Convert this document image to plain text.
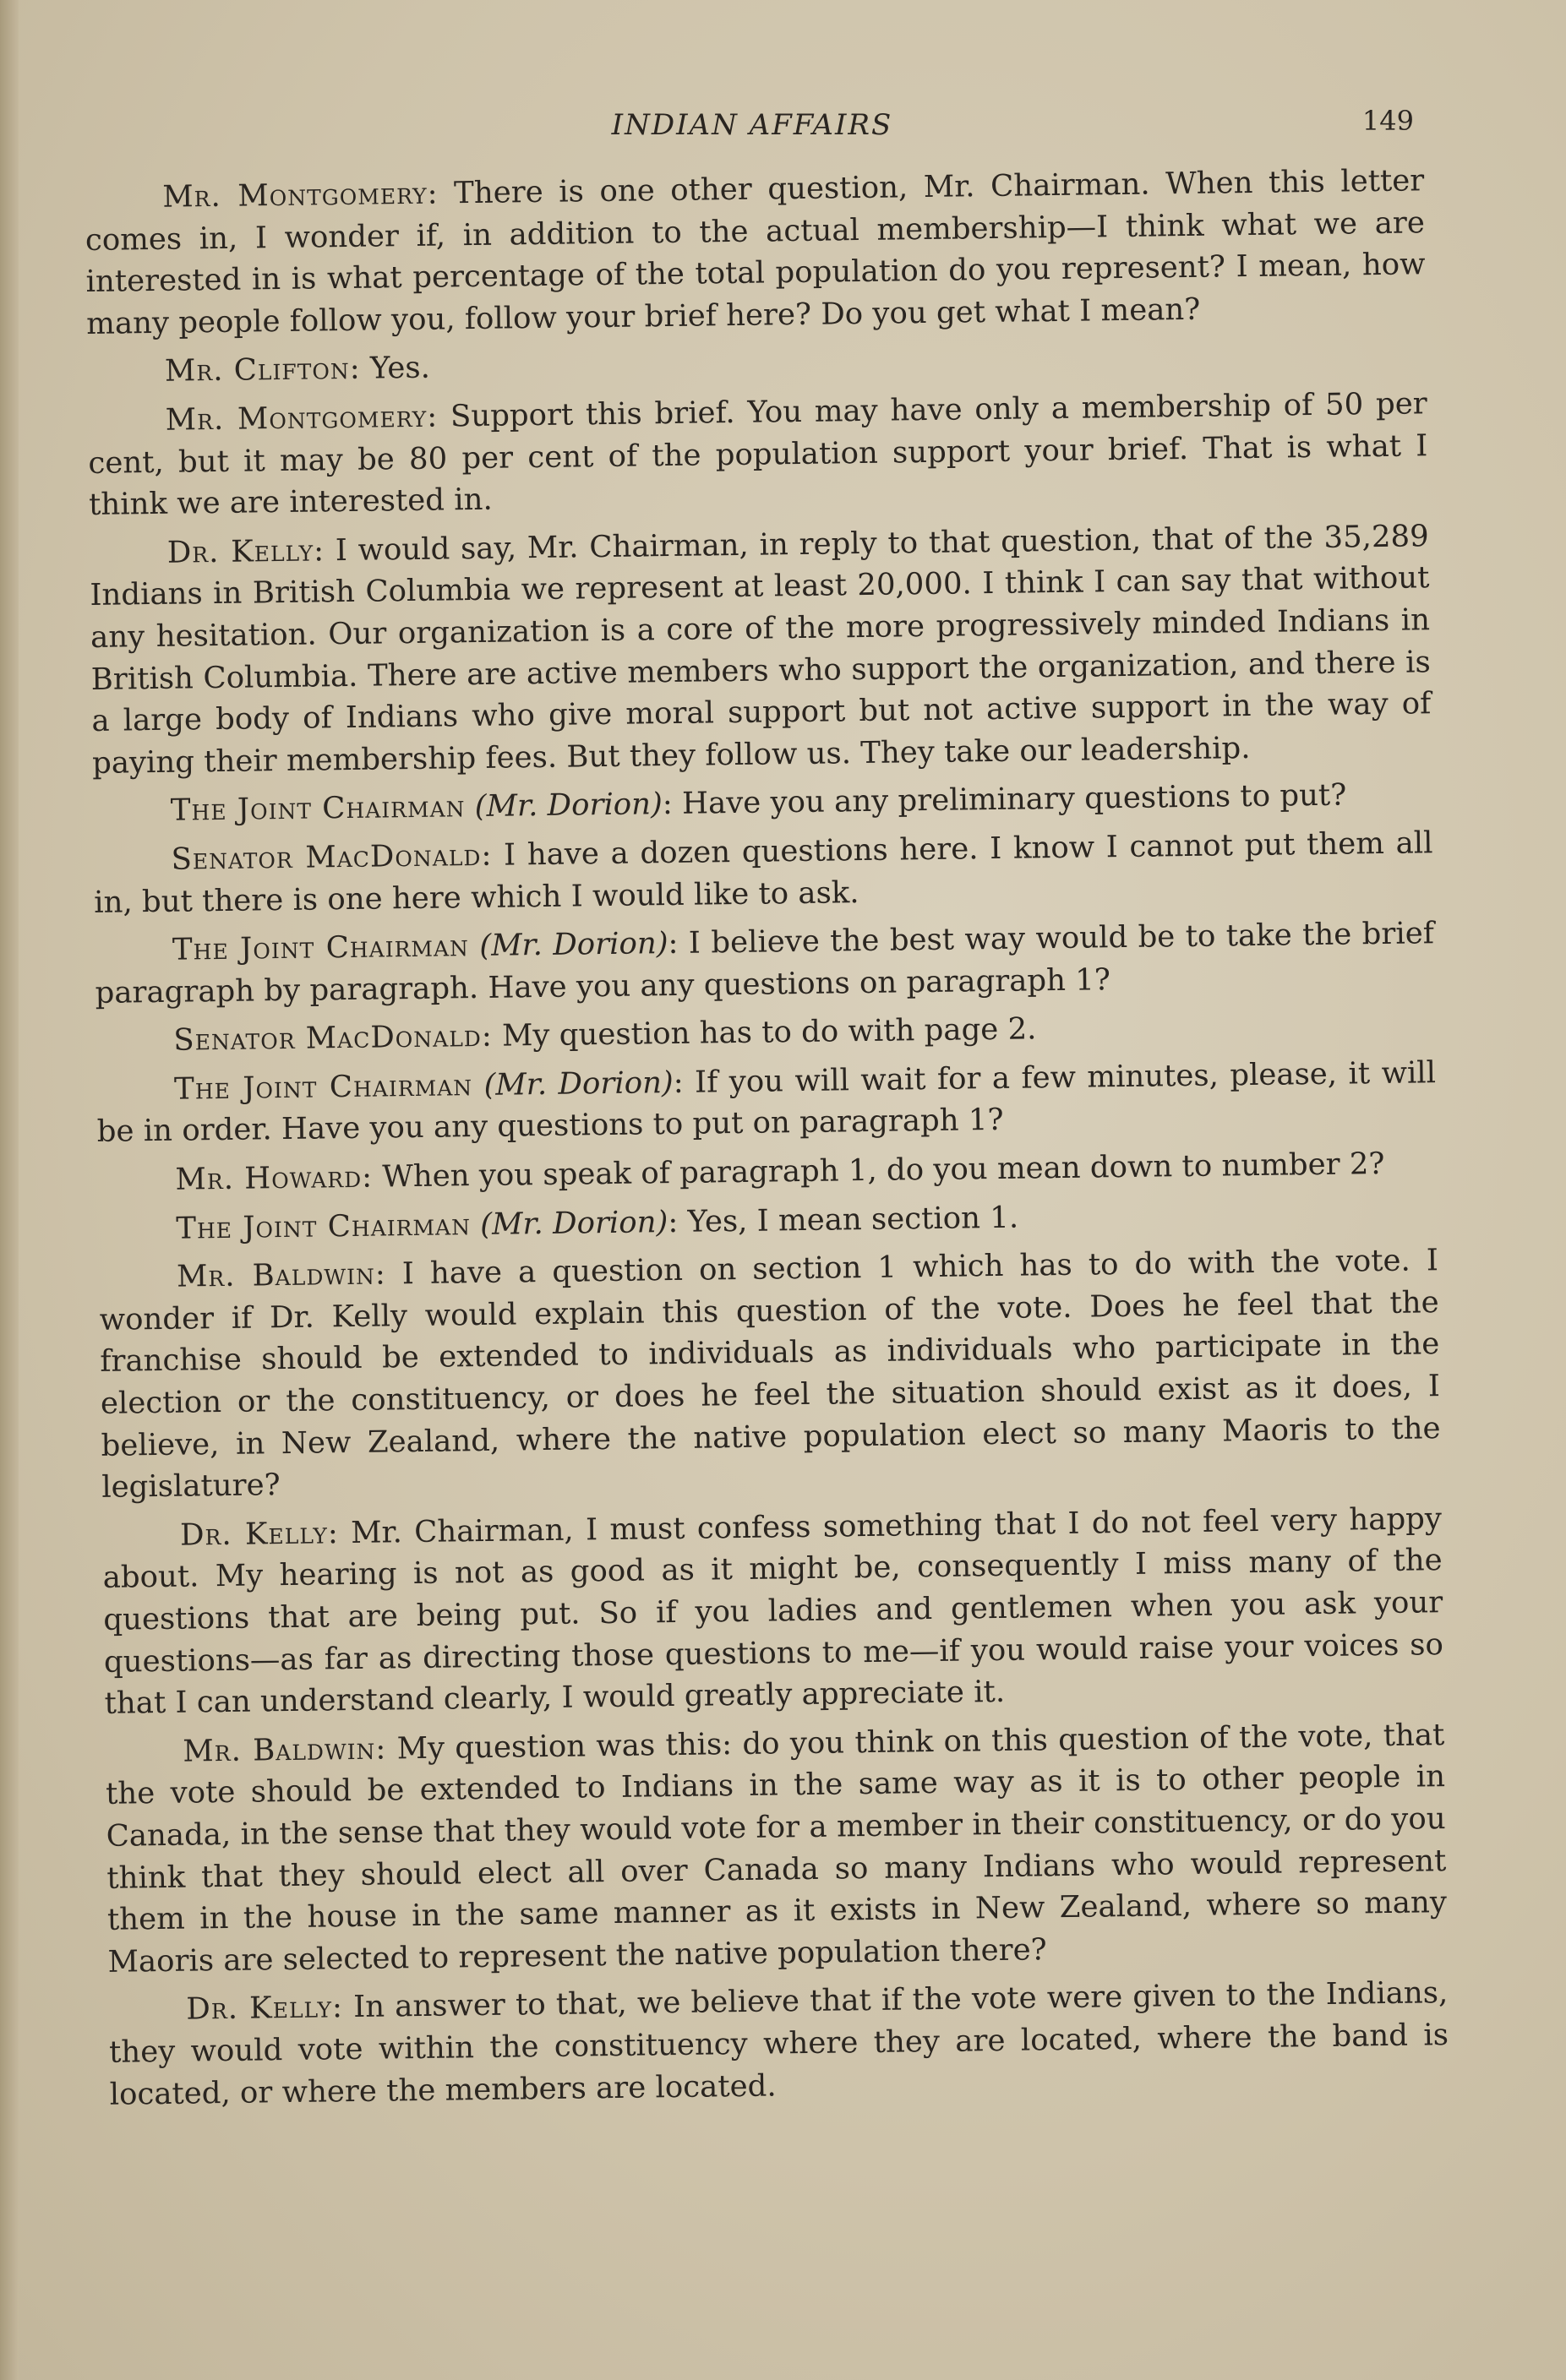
INDIAN AFFAIRS	149

Mr. Montgomery: There is one other question, Mr. Chairman. When this letter comes in, I wonder if, in addition to the actual membership—I think what we are interested in is what percentage of the total population do you represent? I mean, how many people follow you, follow your brief here? Do you get what I mean?

Mr. Clifton: Yes.

Mr. Montgomery: Support this brief. You may have only a membership of 50 per cent, but it may be 80 per cent of the population support your brief. That is what I think we are interested in.

Dr. Kelly: I would say, Mr. Chairman, in reply to that question, that of the 35,289 Indians in British Columbia we represent at least 20,000. I think I can say that without any hesitation. Our organization is a core of the more progressively minded Indians in British Columbia. There are active members who support the organization, and there is a large body of Indians who give moral support but not active support in the way of paying their membership fees. But they follow us. They take our leadership.

The Joint Chairman (Mr. Dorion): Have you any preliminary questions to put?

Senator MacDonald: I have a dozen questions here. I know I cannot put them all in, but there is one here which I would like to ask.

The Joint Chairman (Mr. Dorion): I believe the best way would be to take the brief paragraph by paragraph. Have you any questions on paragraph 1?

Senator MacDonald: My question has to do with page 2.

The Joint Chairman (Mr. Dorion): If you will wait for a few minutes, please, it will be in order. Have you any questions to put on paragraph 1?

Mr. Howard: When you speak of paragraph 1, do you mean down to number 2?

The Joint Chairman (Mr. Dorion): Yes, I mean section 1.

Mr. Baldwin: I have a question on section 1 which has to do with the vote. I wonder if Dr. Kelly would explain this question of the vote. Does he feel that the franchise should be extended to individuals as individuals who participate in the election or the constituency, or does he feel the situation should exist as it does, I believe, in New Zealand, where the native population elect so many Maoris to the legislature?

Dr. Kelly: Mr. Chairman, I must confess something that I do not feel very happy about. My hearing is not as good as it might be, consequently I miss many of the questions that are being put. So if you ladies and gentlemen when you ask your questions—as far as directing those questions to me—if you would raise your voices so that I can understand clearly, I would greatly appreciate it.

Mr. Baldwin: My question was this: do you think on this question of the vote, that the vote should be extended to Indians in the same way as it is to other people in Canada, in the sense that they would vote for a member in their constituency, or do you think that they should elect all over Canada so many Indians who would represent them in the house in the same manner as it exists in New Zealand, where so many Maoris are selected to represent the native population there?

Dr. Kelly: In answer to that, we believe that if the vote were given to the Indians, they would vote within the constituency where they are located, where the band is located, or where the members are located.
